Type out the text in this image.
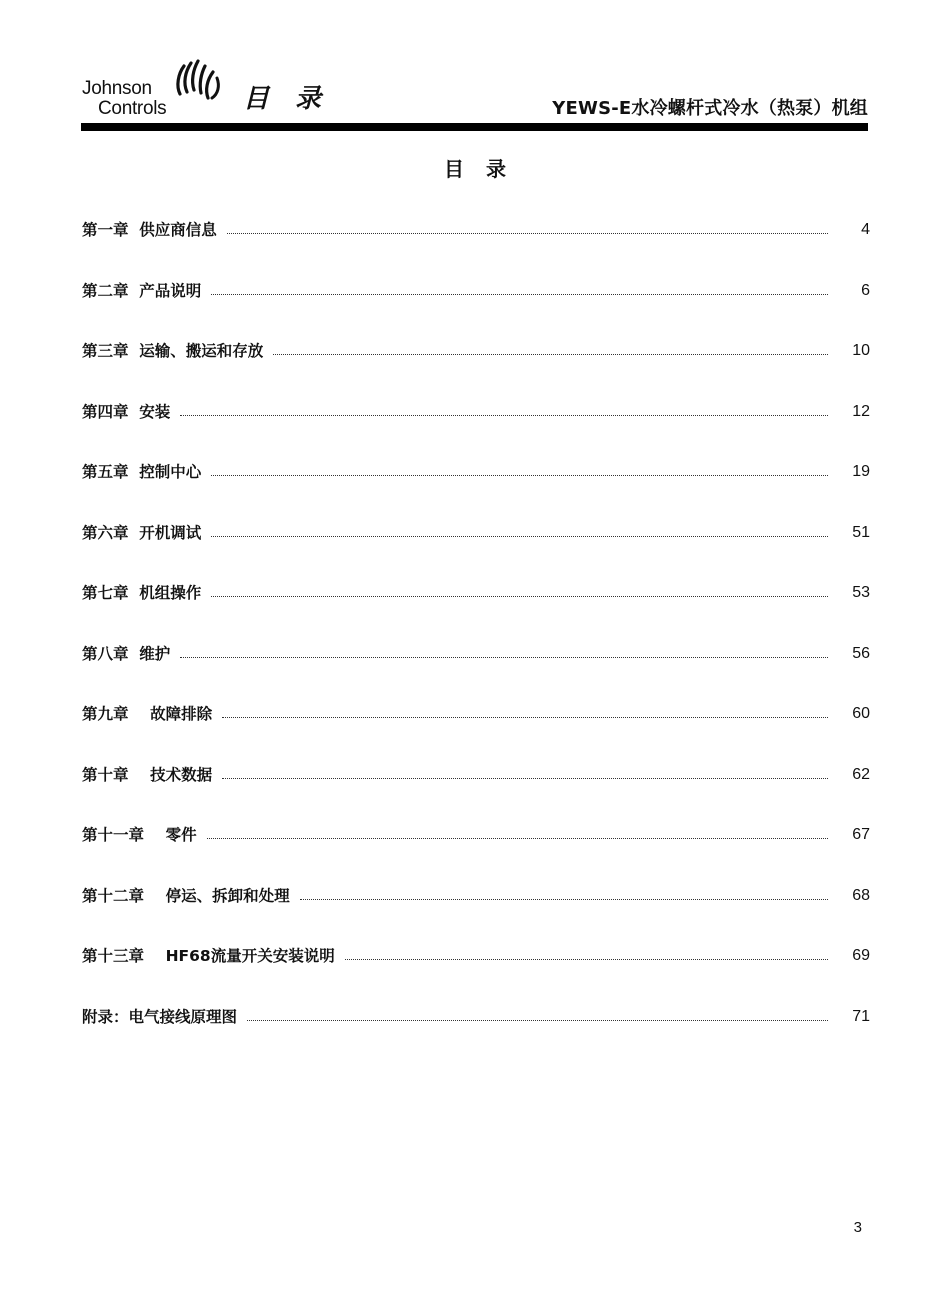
Johnson
Controls	目录	YEWS-E水冷螺杆式冷水（热泵）机组
目录
第一章  供应商信息	4
第二章  产品说明	6
第三章  运输、搬运和存放	10
第四章  安装	12
第五章  控制中心	19
第六章  开机调试	51
第七章  机组操作	53
第八章  维护	56
第九章    故障排除	60
第十章    技术数据	62
第十一章    零件	67
第十二章    停运、拆卸和处理	68
第十三章    HF68流量开关安装说明	69
附录：电气接线原理图	71
3
